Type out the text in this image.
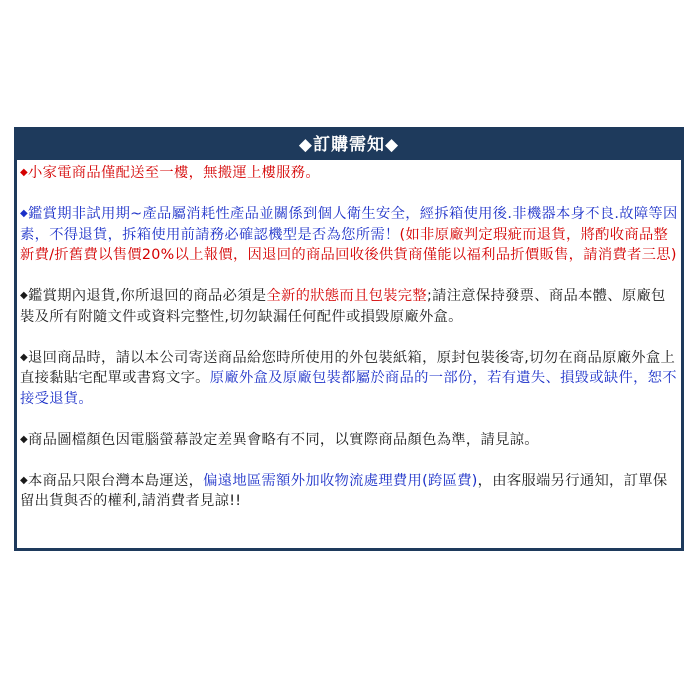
◆訂購需知◆
◆小家電商品僅配送至一樓，無搬運上樓服務。
◆鑑賞期非試用期~產品屬消耗性產品並關係到個人衛生安全，經拆箱使用後.非機器本身不良.故障等因素，不得退貨，拆箱使用前請務必確認機型是否為您所需！(如非原廠判定瑕疵而退貨，將酌收商品整新費/折舊費以售價20%以上報價，因退回的商品回收後供貨商僅能以福利品折價販售，請消費者三思)
◆鑑賞期內退貨,你所退回的商品必須是全新的狀態而且包裝完整;請注意保持發票、商品本體、原廠包裝及所有附隨文件或資料完整性,切勿缺漏任何配件或損毀原廠外盒。
◆退回商品時，請以本公司寄送商品給您時所使用的外包裝紙箱，原封包裝後寄,切勿在商品原廠外盒上直接黏貼宅配單或書寫文字。原廠外盒及原廠包裝都屬於商品的一部份，若有遺失、損毀或缺件，恕不接受退貨。
◆商品圖檔顏色因電腦螢幕設定差異會略有不同，以實際商品顏色為準，請見諒。
◆本商品只限台灣本島運送，偏遠地區需額外加收物流處理費用(跨區費)，由客服端另行通知，訂單保留出貨與否的權利,請消費者見諒!!
